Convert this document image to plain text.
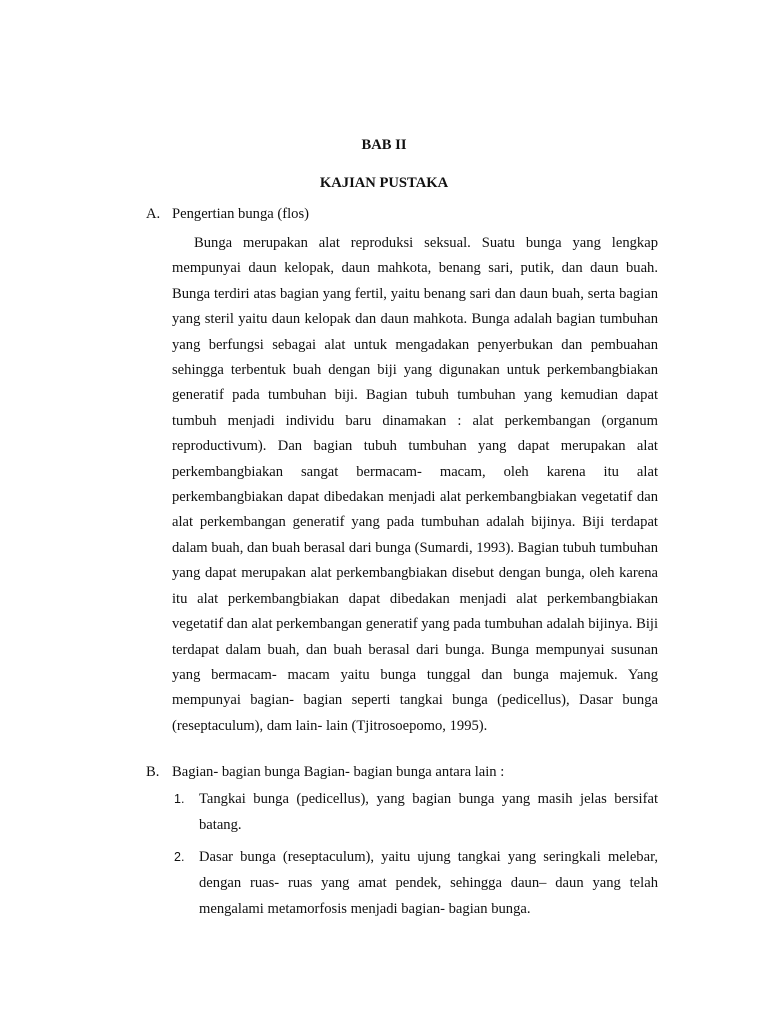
BAB II
KAJIAN PUSTAKA
A. Pengertian bunga (flos)

Bunga merupakan alat reproduksi seksual. Suatu bunga yang lengkap mempunyai daun kelopak, daun mahkota, benang sari, putik, dan daun buah. Bunga terdiri atas bagian yang fertil, yaitu benang sari dan daun buah, serta bagian yang steril yaitu daun kelopak dan daun mahkota. Bunga adalah bagian tumbuhan yang berfungsi sebagai alat untuk mengadakan penyerbukan dan pembuahan sehingga terbentuk buah dengan biji yang digunakan untuk perkembangbiakan generatif pada tumbuhan biji. Bagian tubuh tumbuhan yang kemudian dapat tumbuh menjadi individu baru dinamakan : alat perkembangan (organum reproductivum). Dan bagian tubuh tumbuhan yang dapat merupakan alat perkembangbiakan sangat bermacam- macam, oleh karena itu alat perkembangbiakan dapat dibedakan menjadi alat perkembangbiakan vegetatif dan alat perkembangan generatif yang pada tumbuhan adalah bijinya. Biji terdapat dalam buah, dan buah berasal dari bunga (Sumardi, 1993). Bagian tubuh tumbuhan yang dapat merupakan alat perkembangbiakan disebut dengan bunga, oleh karena itu alat perkembangbiakan dapat dibedakan menjadi alat perkembangbiakan vegetatif dan alat perkembangan generatif yang pada tumbuhan adalah bijinya. Biji terdapat dalam buah, dan buah berasal dari bunga. Bunga mempunyai susunan yang bermacam- macam yaitu bunga tunggal dan bunga majemuk. Yang mempunyai bagian- bagian seperti tangkai bunga (pedicellus), Dasar bunga (reseptaculum), dam lain- lain (Tjitrosoepomo, 1995).

B. Bagian- bagian bunga Bagian- bagian bunga antara lain :
1. Tangkai bunga (pedicellus), yang bagian bunga yang masih jelas bersifat batang.
2. Dasar bunga (reseptaculum), yaitu ujung tangkai yang seringkali melebar, dengan ruas- ruas yang amat pendek, sehingga daun– daun yang telah mengalami metamorfosis menjadi bagian- bagian bunga.
